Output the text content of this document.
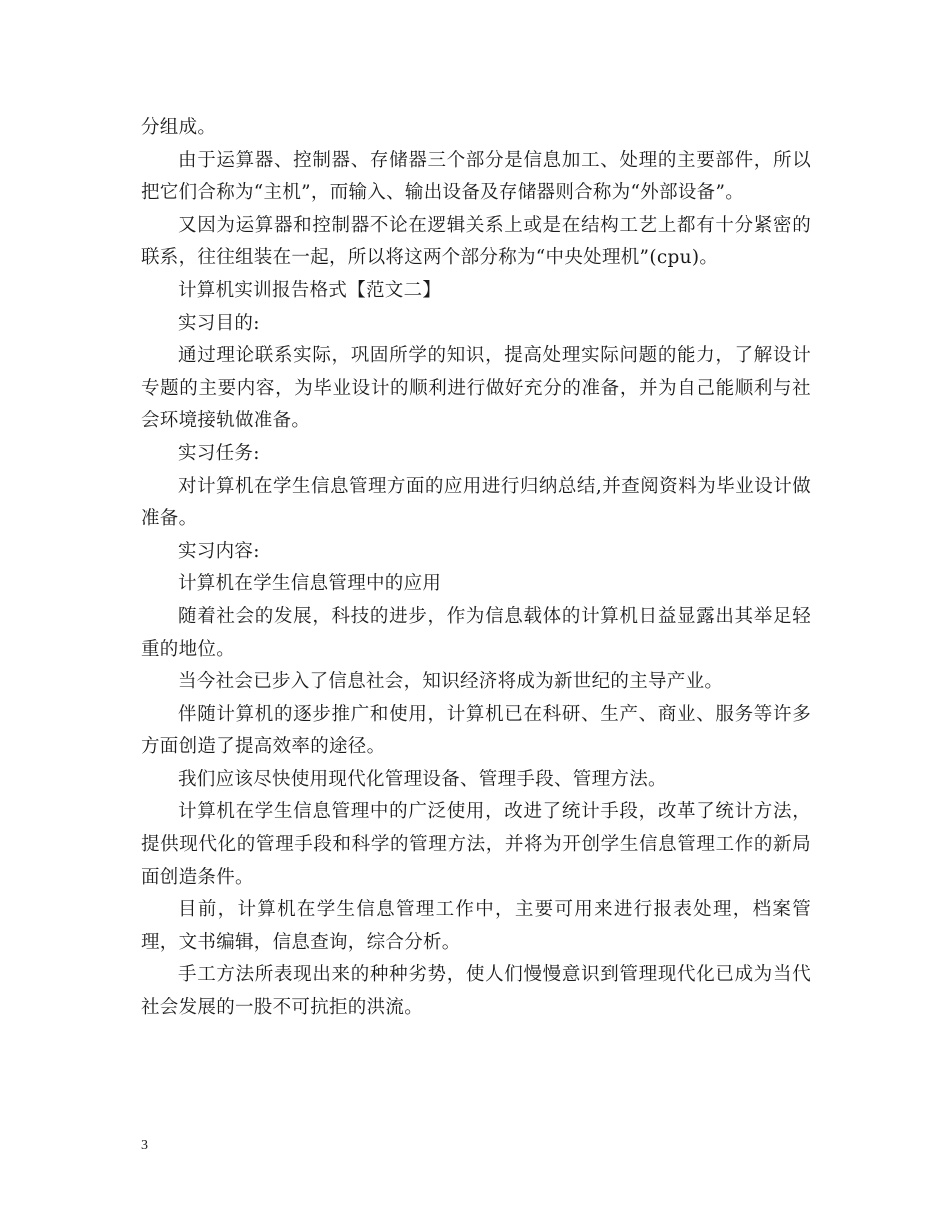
分组成。

由于运算器、控制器、存储器三个部分是信息加工、处理的主要部件，所以把它们合称为“主机”，而输入、输出设备及存储器则合称为“外部设备”。

又因为运算器和控制器不论在逻辑关系上或是在结构工艺上都有十分紧密的联系，往往组装在一起，所以将这两个部分称为“中央处理机”(cpu)。

计算机实训报告格式【范文二】

实习目的:

通过理论联系实际，巩固所学的知识，提高处理实际问题的能力，了解设计专题的主要内容，为毕业设计的顺利进行做好充分的准备，并为自己能顺利与社会环境接轨做准备。

实习任务:

对计算机在学生信息管理方面的应用进行归纳总结,并查阅资料为毕业设计做准备。

实习内容:

计算机在学生信息管理中的应用

随着社会的发展，科技的进步，作为信息载体的计算机日益显露出其举足轻重的地位。

当今社会已步入了信息社会，知识经济将成为新世纪的主导产业。

伴随计算机的逐步推广和使用，计算机已在科研、生产、商业、服务等许多方面创造了提高效率的途径。

我们应该尽快使用现代化管理设备、管理手段、管理方法。

计算机在学生信息管理中的广泛使用，改进了统计手段，改革了统计方法，提供现代化的管理手段和科学的管理方法，并将为开创学生信息管理工作的新局面创造条件。

目前，计算机在学生信息管理工作中，主要可用来进行报表处理，档案管理，文书编辑，信息查询，综合分析。

手工方法所表现出来的种种劣势，使人们慢慢意识到管理现代化已成为当代社会发展的一股不可抗拒的洪流。

3
